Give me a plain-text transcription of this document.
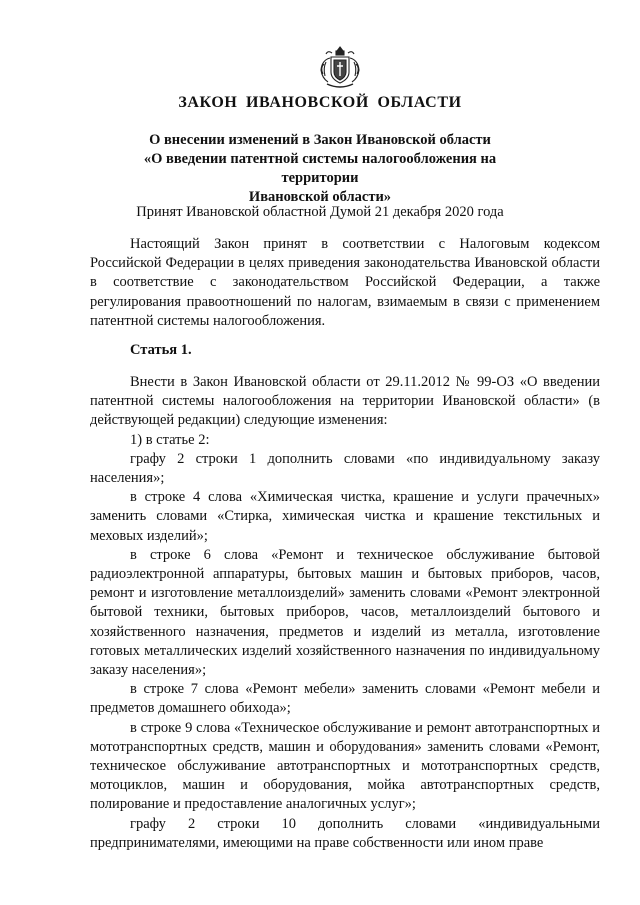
ЗАКОН ИВАНОВСКОЙ ОБЛАСТИ
О внесении изменений в Закон Ивановской области
«О введении патентной системы налогообложения на территории
Ивановской области»
Принят Ивановской областной Думой 21 декабря 2020 года

Настоящий Закон принят в соответствии с Налоговым кодексом Российской Федерации в целях приведения законодательства Ивановской области в соответствие с законодательством Российской Федерации, а также регулирования правоотношений по налогам, взимаемым в связи с применением патентной системы налогообложения.

Статья 1.

Внести в Закон Ивановской области от 29.11.2012 № 99-ОЗ «О введении патентной системы налогообложения на территории Ивановской области» (в действующей редакции) следующие изменения:

1) в статье 2:

графу 2 строки 1 дополнить словами «по индивидуальному заказу населения»;

в строке 4 слова «Химическая чистка, крашение и услуги прачечных» заменить словами «Стирка, химическая чистка и крашение текстильных и меховых изделий»;

в строке 6 слова «Ремонт и техническое обслуживание бытовой радиоэлектронной аппаратуры, бытовых машин и бытовых приборов, часов, ремонт и изготовление металлоизделий» заменить словами «Ремонт электронной бытовой техники, бытовых приборов, часов, металлоизделий бытового и хозяйственного назначения, предметов и изделий из металла, изготовление готовых металлических изделий хозяйственного назначения по индивидуальному заказу населения»;

в строке 7 слова «Ремонт мебели» заменить словами «Ремонт мебели и предметов домашнего обихода»;

в строке 9 слова «Техническое обслуживание и ремонт автотранспортных и мототранспортных средств, машин и оборудования» заменить словами «Ремонт, техническое обслуживание автотранспортных и мототранспортных средств, мотоциклов, машин и оборудования, мойка автотранспортных средств, полирование и предоставление аналогичных услуг»;

графу 2 строки 10 дополнить словами «индивидуальными предпринимателями, имеющими на праве собственности или ином праве
